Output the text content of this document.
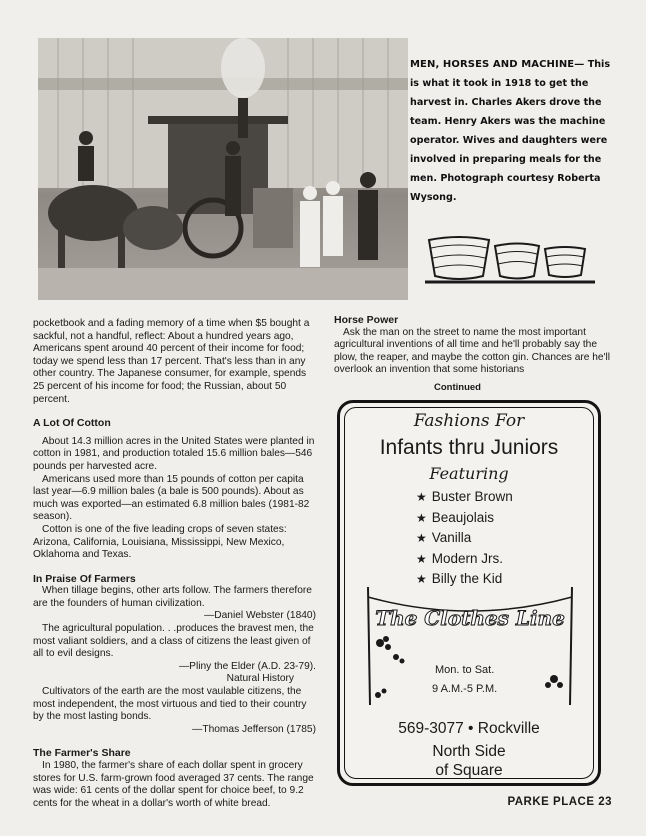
MEN, HORSES AND MACHINE— This is what it took in 1918 to get the harvest in. Charles Akers drove the team. Henry Akers was the machine operator. Wives and daughters were involved in preparing meals for the men. Photograph courtesy Roberta Wysong.

pocketbook and a fading memory of a time when $5 bought a sackful, not a handful, reflect: About a hundred years ago, Americans spent around 40 percent of their income for food; today we spend less than 17 percent. That's less than in any other country. The Japanese consumer, for example, spends 25 percent of his income for food; the Russian, about 50 percent.

A Lot Of Cotton

About 14.3 million acres in the United States were planted in cotton in 1981, and production totaled 15.6 million bales—546 pounds per harvested acre.

Americans used more than 15 pounds of cotton per capita last year—6.9 million bales (a bale is 500 pounds). About as much was exported—an estimated 6.8 million bales (1981-82 season).

Cotton is one of the five leading crops of seven states: Arizona, California, Louisiana, Mississippi, New Mexico, Oklahoma and Texas.

In Praise Of Farmers

When tillage begins, other arts follow. The farmers therefore are the founders of human civilization.

—Daniel Webster (1840)

The agricultural population. . .produces the bravest men, the most valiant soldiers, and a class of citizens the least given of all to evil designs.

—Pliny the Elder (A.D. 23-79).
Natural History

Cultivators of the earth are the most vaulable citizens, the most independent, the most virtuous and tied to their country by the most lasting bonds.

—Thomas Jefferson (1785)
The Farmer's Share

In 1980, the farmer's share of each dollar spent in grocery stores for U.S. farm-grown food averaged 37 cents. The range was wide: 61 cents of the dollar spent for choice beef, to 9.2 cents for the wheat in a dollar's worth of white bread.

Horse Power

Ask the man on the street to name the most important agricultural inventions of all time and he'll probably say the plow, the reaper, and maybe the cotton gin. Chances are he'll overlook an invention that some historians

Continued
Fashions For
Infants thru Juniors
Featuring
★ Buster Brown
★ Beaujolais
★ Vanilla
★ Modern Jrs.
★ Billy the Kid
The Clothes Line
Mon. to Sat.
9 A.M.-5 P.M.
569-3077 • Rockville
North Side
of Square
PARKE PLACE 23
